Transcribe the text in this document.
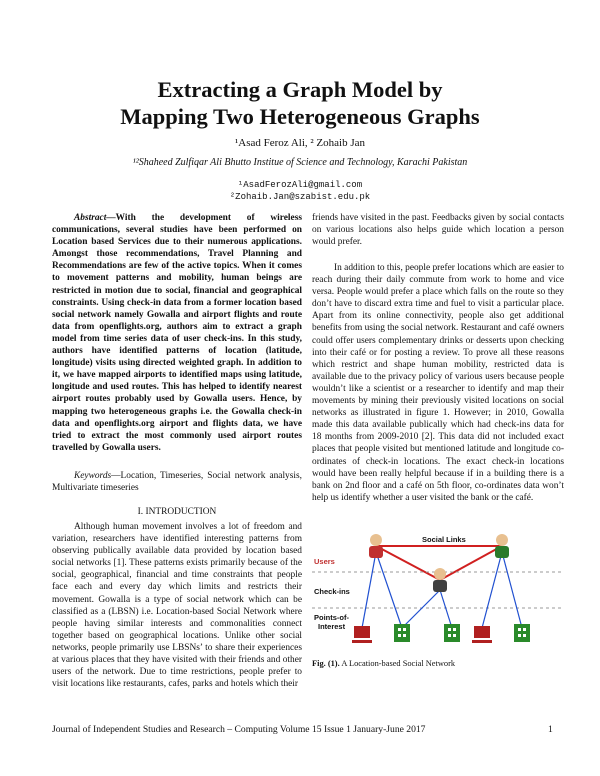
Extracting a Graph Model by
Mapping Two Heterogeneous Graphs
¹Asad Feroz Ali, ² Zohaib Jan
¹²Shaheed Zulfiqar Ali Bhutto Institue of Science and Technology, Karachi Pakistan
¹AsadFerozAli@gmail.com
²Zohaib.Jan@szabist.edu.pk

Abstract—With the development of wireless communications, several studies have been performed on Location based Services due to their numerous applications. Amongst those recommendations, Travel Planning and Recommendations are few of the active topics. When it comes to movement patterns and mobility, human beings are restricted in motion due to social, financial and geographical constraints. Using check-in data from a former location based social network namely Gowalla and airport flights and route data from openflights.org, authors aim to extract a graph model from time series data of user check-ins. In this study, authors have identified patterns of location (latitude, longitude) visits using directed weighted graph. In addition to it, we have mapped airports to identified maps using latitude, longitude and used routes. This has helped to identify nearest airport routes probably used by Gowalla users. Hence, by mapping two heterogeneous graphs i.e. the Gowalla check-in data and openflights.org airport and flights data, we have tried to extract the most commonly used airport routes travelled by Gowalla users.

Keywords—Location, Timeseries, Social network analysis, Multivariate timeseries

I. INTRODUCTION

Although human movement involves a lot of freedom and variation, researchers have identified interesting patterns from observing publically available data provided by location based social networks [1]. These patterns exists primarily because of the social, geographical, financial and time constraints that people face each and every day which limits and restricts their movement. Gowalla is a type of social network which can be classified as a (LBSN) i.e. Location-based Social Network where people having similar interests and commonalities connect together based on geographical locations. Unlike other social networks, people primarily use LBSNs’ to share their experiences at various places that they have visited with their friends and other users of the network. Due to time restrictions, people prefer to visit locations like restaurants, cafes, parks and hotels which their

friends have visited in the past. Feedbacks given by social contacts on various locations also helps guide which location a person would prefer.

In addition to this, people prefer locations which are easier to reach during their daily commute from work to home and vice versa. People would prefer a place which falls on the route so they don’t have to discard extra time and fuel to visit a particular place. Apart from its online connectivity, people also get additional benefits from using the social network. Restaurant and café owners could offer users complementary drinks or desserts upon checking into their café or for posting a review. To prove all these reasons which restrict and shape human mobility, restricted data is available due to the privacy policy of various users because people wouldn’t like a scientist or a researcher to identify and map their movements by mining their previously visited locations on social networks as illustrated in figure 1. However; in 2010, Gowalla made this data available publically which had check-ins data for 18 months from 2009-2010 [2]. This data did not included exact places that people visited but mentioned latitude and longitude co-ordinates of check-in locations. The exact check-in locations would have been really helpful because if in a building there is a bank on 2nd floor and a café on 5th floor, co-ordinates data won’t help us identify whether a user visited the bank or the café.

Users
Social Links
Check-ins
Points-of-
Interest
Fig. (1). A Location-based Social Network
Journal of Independent Studies and Research – Computing Volume 15 Issue 1 January-June 2017	1
